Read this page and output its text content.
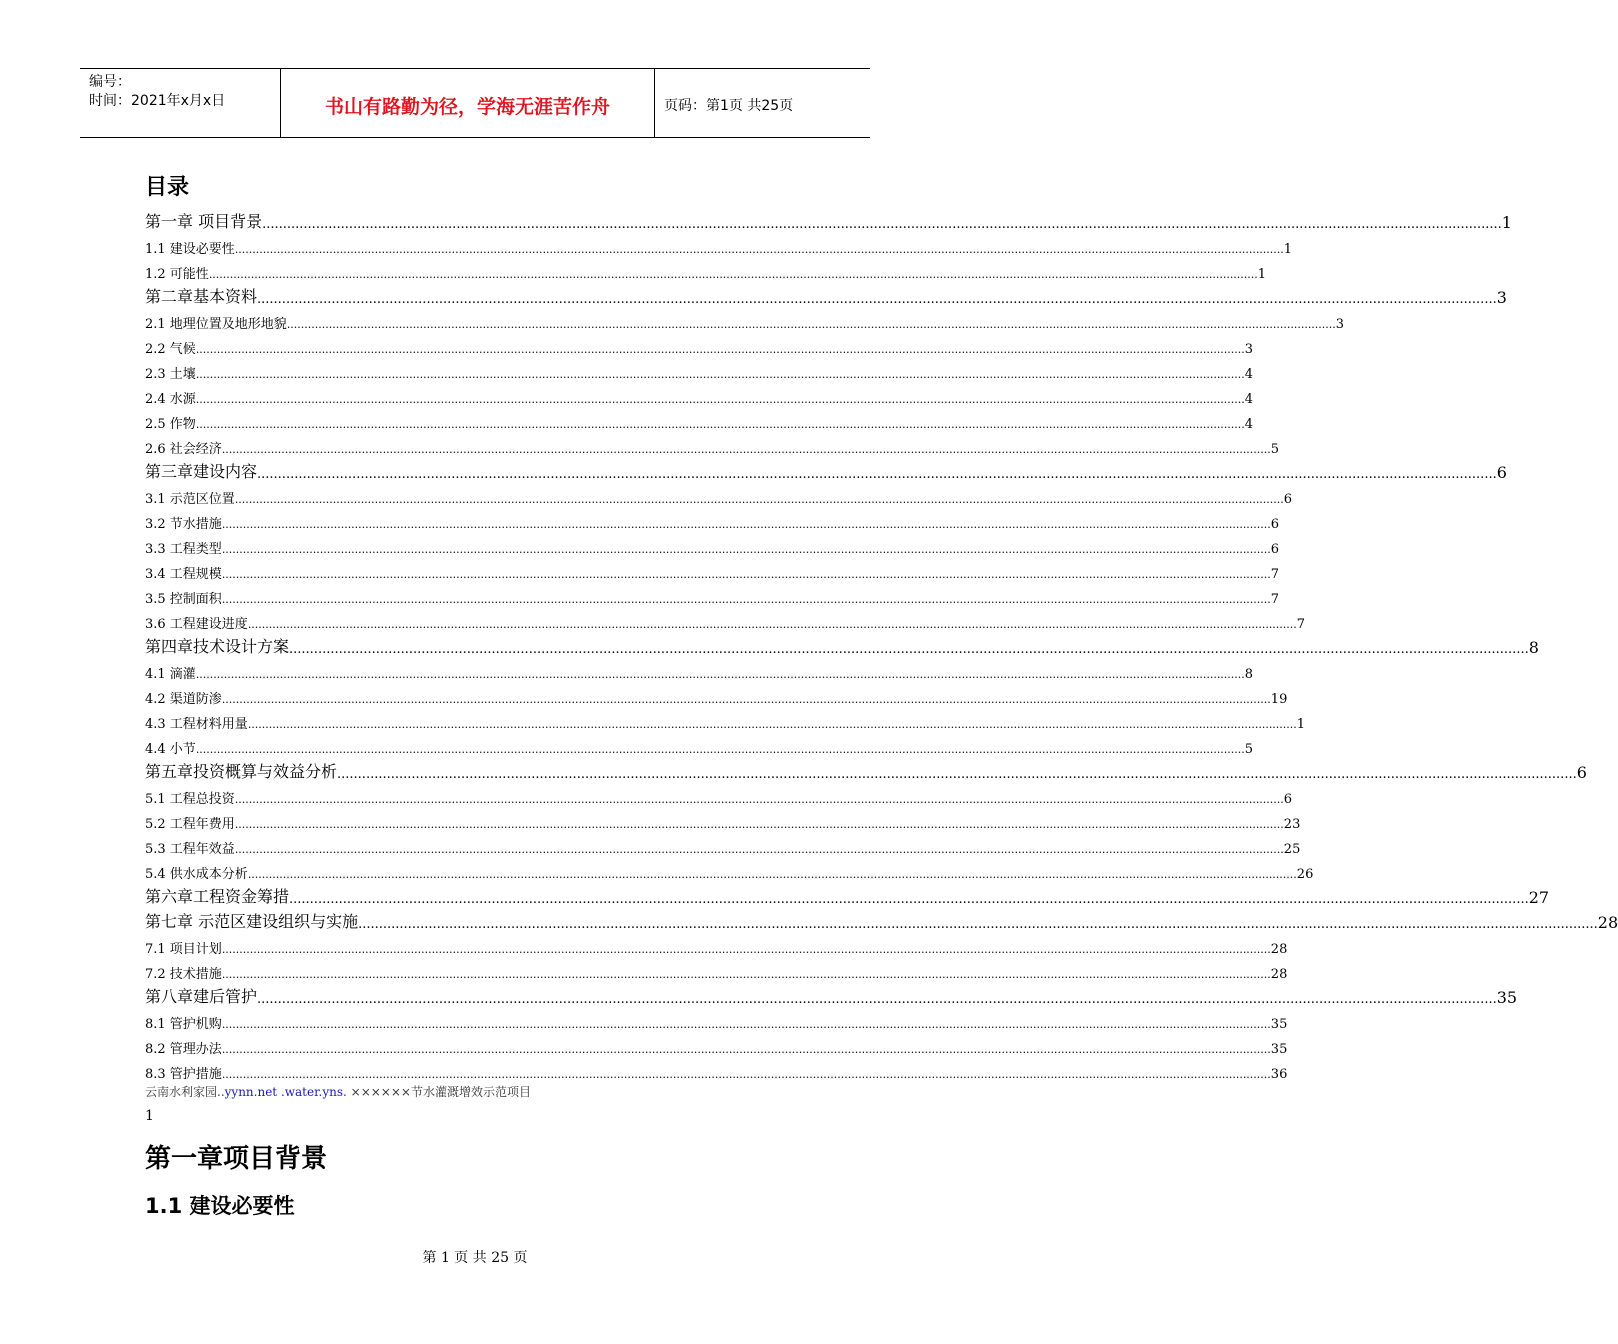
编号：
时间：2021年x月x日	书山有路勤为径，学海无涯苦作舟	页码：第1页 共25页
目录
第一章 项目背景 ............................................................................................................................................................................................................................................................................................................ 1
1.1 建设必要性 ............................................................................................................................................................................................................................................................................................................ 1
1.2 可能性 ............................................................................................................................................................................................................................................................................................................ 1
第二章基本资料 ............................................................................................................................................................................................................................................................................................................ 3
2.1 地理位置及地形地貌 ............................................................................................................................................................................................................................................................................................................ 3
2.2 气候 ............................................................................................................................................................................................................................................................................................................ 3
2.3 土壤 ............................................................................................................................................................................................................................................................................................................ 4
2.4 水源 ............................................................................................................................................................................................................................................................................................................ 4
2.5 作物 ............................................................................................................................................................................................................................................................................................................ 4
2.6 社会经济 ............................................................................................................................................................................................................................................................................................................ 5
第三章建设内容 ............................................................................................................................................................................................................................................................................................................ 6
3.1 示范区位置 ............................................................................................................................................................................................................................................................................................................ 6
3.2 节水措施 ............................................................................................................................................................................................................................................................................................................ 6
3.3 工程类型 ............................................................................................................................................................................................................................................................................................................ 6
3.4 工程规模 ............................................................................................................................................................................................................................................................................................................ 7
3.5 控制面积 ............................................................................................................................................................................................................................................................................................................ 7
3.6 工程建设进度 ............................................................................................................................................................................................................................................................................................................ 7
第四章技术设计方案 ............................................................................................................................................................................................................................................................................................................ 8
4.1 滴灌 ............................................................................................................................................................................................................................................................................................................ 8
4.2 渠道防渗 ............................................................................................................................................................................................................................................................................................................ 19
4.3 工程材料用量 ............................................................................................................................................................................................................................................................................................................ 1
4.4 小节 ............................................................................................................................................................................................................................................................................................................ 5
第五章投资概算与效益分析 ............................................................................................................................................................................................................................................................................................................ 6
5.1 工程总投资 ............................................................................................................................................................................................................................................................................................................ 6
5.2 工程年费用 ............................................................................................................................................................................................................................................................................................................ 23
5.3 工程年效益 ............................................................................................................................................................................................................................................................................................................ 25
5.4 供水成本分析 ............................................................................................................................................................................................................................................................................................................ 26
第六章工程资金筹措 ............................................................................................................................................................................................................................................................................................................ 27
第七章 示范区建设组织与实施 ............................................................................................................................................................................................................................................................................................................ 28
7.1 项目计划 ............................................................................................................................................................................................................................................................................................................ 28
7.2 技术措施 ............................................................................................................................................................................................................................................................................................................ 28
第八章建后管护 ............................................................................................................................................................................................................................................................................................................ 35
8.1 管护机购 ............................................................................................................................................................................................................................................................................................................ 35
8.2 管理办法 ............................................................................................................................................................................................................................................................................................................ 35
8.3 管护措施 ............................................................................................................................................................................................................................................................................................................ 36
云南水利家园..yynn.net .water.yns. ××××××节水灌溉增效示范项目
1
第一章项目背景
1.1 建设必要性
第 1 页 共 25 页
